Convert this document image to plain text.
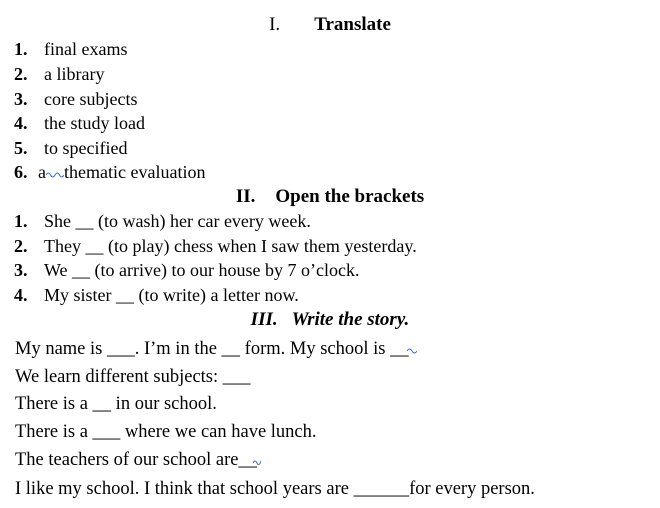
I. Translate
1. final exams
2. a library
3. core subjects
4. the study load
5. to specified
6. a thematic evaluation
II. Open the brackets
1. She __ (to wash) her car every week.
2. They __ (to play) chess when I saw them yesterday.
3. We __ (to arrive) to our house by 7 o’clock.
4. My sister __ (to write) a letter now.
III. Write the story.
My name is ___. I’m in the __ form. My school is __
We learn different subjects: ___
There is a __ in our school.
There is a ___ where we can have lunch.
The teachers of our school are__
I like my school. I think that school years are ______for every person.
